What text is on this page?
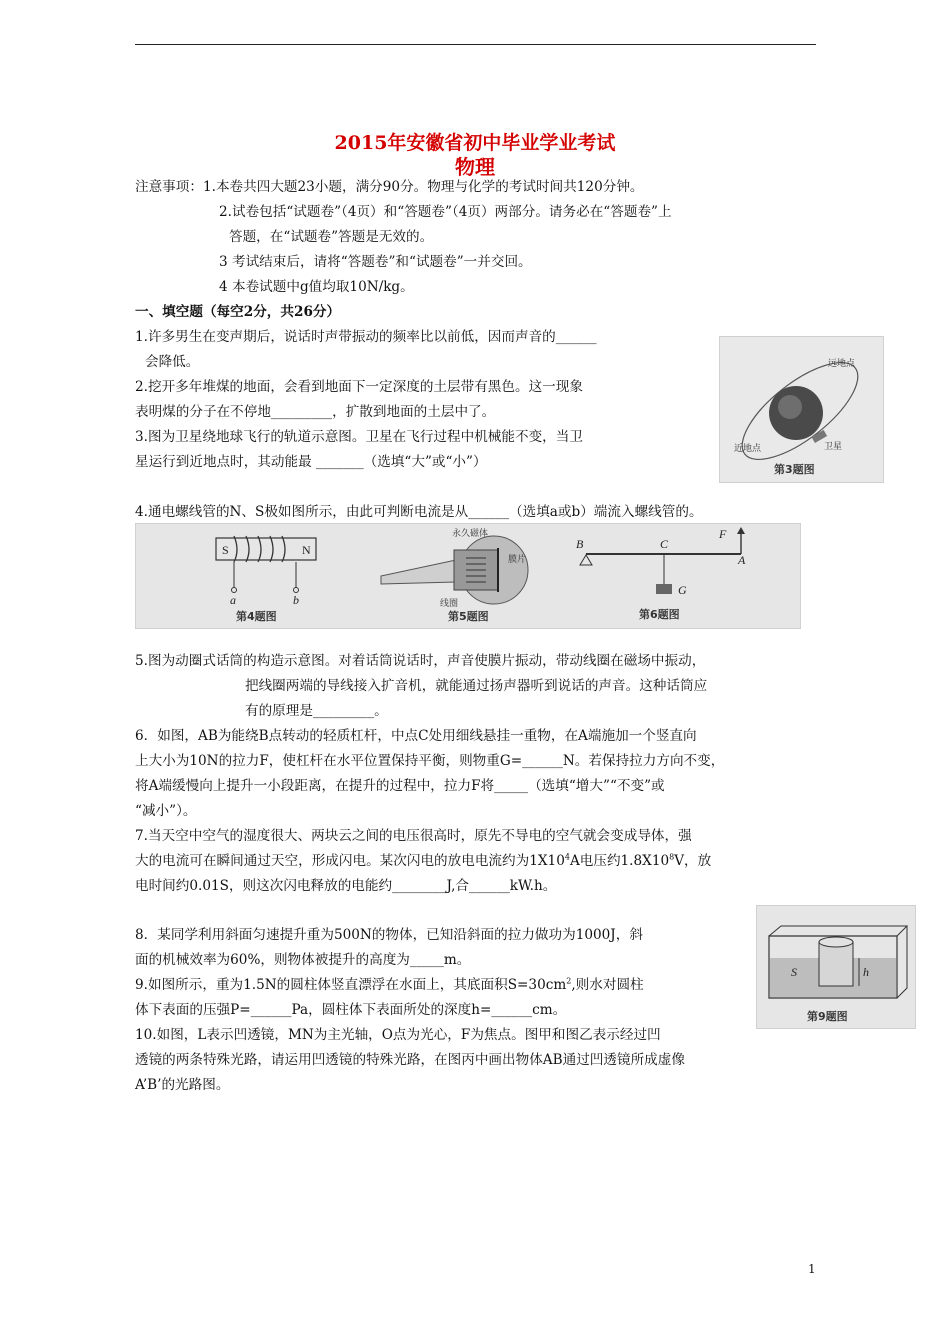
2015年安徽省初中毕业学业考试
物理
注意事项：1.本卷共四大题23小题，满分90分。物理与化学的考试时间共120分钟。
2.试卷包括“试题卷”（4页）和“答题卷”（4页）两部分。请务必在“答题卷”上
答题，在“试题卷”答题是无效的。
3 考试结束后，请将“答题卷”和“试题卷”一并交回。
4 本卷试题中g值均取10N/kg。
一、填空题（每空2分，共26分）
1.许多男生在变声期后，说话时声带振动的频率比以前低，因而声音的______
会降低。
2.挖开多年堆煤的地面，会看到地面下一定深度的土层带有黑色。这一现象
表明煤的分子在不停地_________，扩散到地面的土层中了。
3.图为卫星绕地球飞行的轨道示意图。卫星在飞行过程中机械能不变，当卫
星运行到近地点时，其动能最 _______（选填“大”或“小”）
远地点
近地点	卫星
第3题图
4.通电螺线管的N、S极如图所示，由此可判断电流是从______（选填a或b）端流入螺线管的。
S	N
a	b
第4题图
永久磁体
膜片
线圈
第5题图
B	C
A
F
G
第6题图
5.图为动圈式话筒的构造示意图。对着话筒说话时，声音使膜片振动，带动线圈在磁场中振动，
把线圈两端的导线接入扩音机，就能通过扬声器听到说话的声音。这种话筒应
有的原理是_________。
6．如图，AB为能绕B点转动的轻质杠杆，中点C处用细线悬挂一重物，在A端施加一个竖直向
上大小为10N的拉力F，使杠杆在水平位置保持平衡，则物重G=______N。若保持拉力方向不变，
将A端缓慢向上提升一小段距离，在提升的过程中，拉力F将_____（选填“增大”“不变”或
“减小”）。
7.当天空中空气的湿度很大、两块云之间的电压很高时，原先不导电的空气就会变成导体，强
大的电流可在瞬间通过天空，形成闪电。某次闪电的放电电流约为$1X10^4A$电压约$1.8X10^8V$，放
电时间约0.01S，则这次闪电释放的电能约________J,合______kW.h。
8．某同学利用斜面匀速提升重为500N的物体，已知沿斜面的拉力做功为1000J，斜
面的机械效率为60%，则物体被提升的高度为_____m。
9.如图所示，重为1.5N的圆柱体竖直漂浮在水面上，其底面积$S=30cm^2$,则水对圆柱
体下表面的压强P=______Pa，圆柱体下表面所处的深度h=______cm。
10.如图，L表示凹透镜，MN为主光轴，O点为光心，F为焦点。图甲和图乙表示经过凹
透镜的两条特殊光路，请运用凹透镜的特殊光路，在图丙中画出物体AB通过凹透镜所成虚像
A’B’的光路图。
S	h
第9题图
1
